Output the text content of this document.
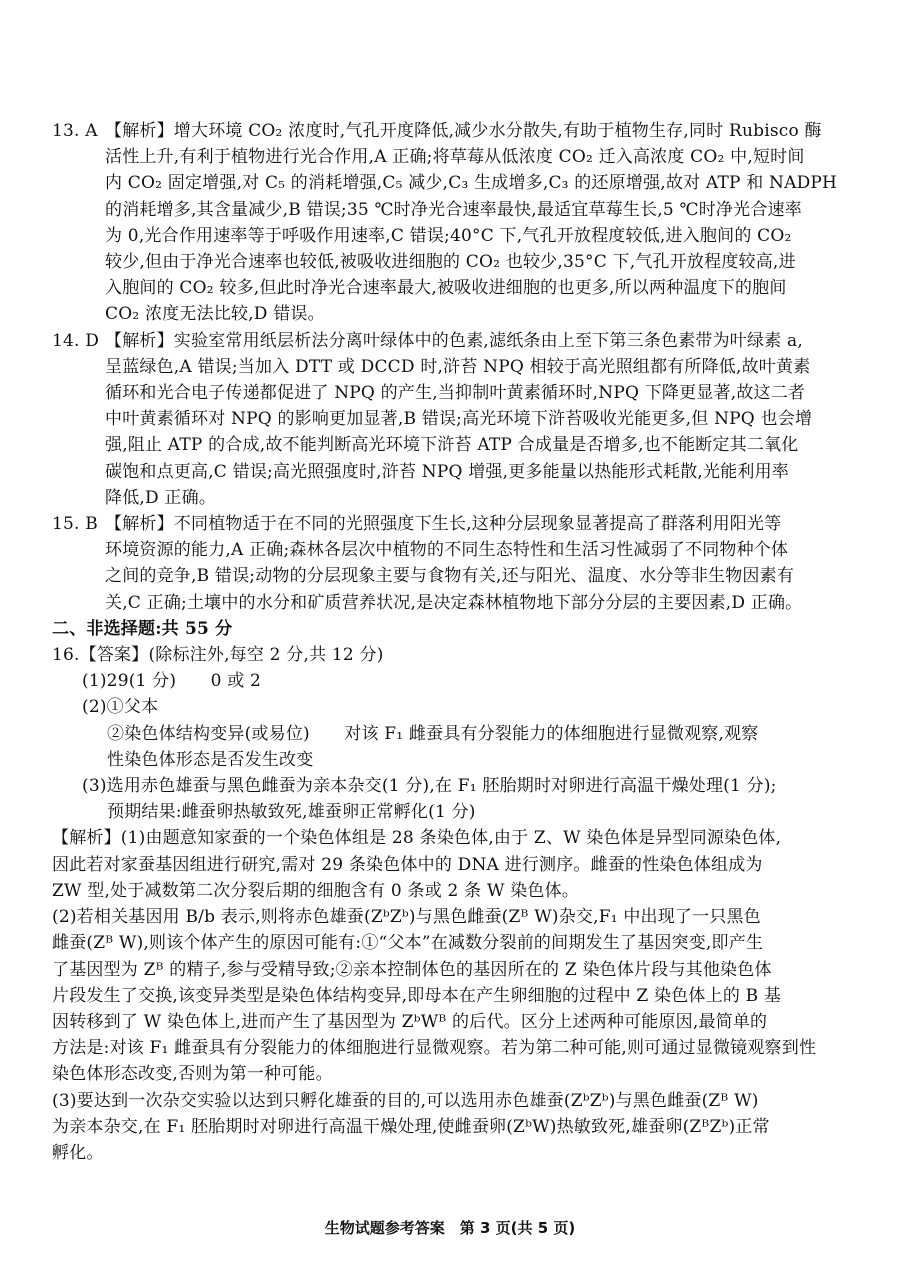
13. A 【解析】增大环境 CO₂ 浓度时,气孔开度降低,减少水分散失,有助于植物生存,同时 Rubisco 酶
活性上升,有利于植物进行光合作用,A 正确;将草莓从低浓度 CO₂ 迁入高浓度 CO₂ 中,短时间
内 CO₂ 固定增强,对 C₅ 的消耗增强,C₅ 减少,C₃ 生成增多,C₃ 的还原增强,故对 ATP 和 NADPH
的消耗增多,其含量减少,B 错误;35 ℃时净光合速率最快,最适宜草莓生长,5 ℃时净光合速率
为 0,光合作用速率等于呼吸作用速率,C 错误;40°C 下,气孔开放程度较低,进入胞间的 CO₂
较少,但由于净光合速率也较低,被吸收进细胞的 CO₂ 也较少,35°C 下,气孔开放程度较高,进
入胞间的 CO₂ 较多,但此时净光合速率最大,被吸收进细胞的也更多,所以两种温度下的胞间
CO₂ 浓度无法比较,D 错误。
14. D 【解析】实验室常用纸层析法分离叶绿体中的色素,滤纸条由上至下第三条色素带为叶绿素 a,
呈蓝绿色,A 错误;当加入 DTT 或 DCCD 时,浒苔 NPQ 相较于高光照组都有所降低,故叶黄素
循环和光合电子传递都促进了 NPQ 的产生,当抑制叶黄素循环时,NPQ 下降更显著,故这二者
中叶黄素循环对 NPQ 的影响更加显著,B 错误;高光环境下浒苔吸收光能更多,但 NPQ 也会增
强,阻止 ATP 的合成,故不能判断高光环境下浒苔 ATP 合成量是否增多,也不能断定其二氧化
碳饱和点更高,C 错误;高光照强度时,浒苔 NPQ 增强,更多能量以热能形式耗散,光能利用率
降低,D 正确。
15. B 【解析】不同植物适于在不同的光照强度下生长,这种分层现象显著提高了群落利用阳光等
环境资源的能力,A 正确;森林各层次中植物的不同生态特性和生活习性减弱了不同物种个体
之间的竞争,B 错误;动物的分层现象主要与食物有关,还与阳光、温度、水分等非生物因素有
关,C 正确;土壤中的水分和矿质营养状况,是决定森林植物地下部分分层的主要因素,D 正确。
二、非选择题:共 55 分
16.【答案】(除标注外,每空 2 分,共 12 分)
(1)29(1 分)　　0 或 2
(2)①父本
②染色体结构变异(或易位)　　对该 F₁ 雌蚕具有分裂能力的体细胞进行显微观察,观察
性染色体形态是否发生改变
(3)选用赤色雄蚕与黑色雌蚕为亲本杂交(1 分),在 F₁ 胚胎期时对卵进行高温干燥处理(1 分);
预期结果:雌蚕卵热敏致死,雄蚕卵正常孵化(1 分)
【解析】(1)由题意知家蚕的一个染色体组是 28 条染色体,由于 Z、W 染色体是异型同源染色体,
因此若对家蚕基因组进行研究,需对 29 条染色体中的 DNA 进行测序。雌蚕的性染色体组成为
ZW 型,处于减数第二次分裂后期的细胞含有 0 条或 2 条 W 染色体。
(2)若相关基因用 B/b 表示,则将赤色雄蚕(ZᵇZᵇ)与黑色雌蚕(Zᴮ W)杂交,F₁ 中出现了一只黑色
雌蚕(Zᴮ W),则该个体产生的原因可能有:①“父本”在减数分裂前的间期发生了基因突变,即产生
了基因型为 Zᴮ 的精子,参与受精导致;②亲本控制体色的基因所在的 Z 染色体片段与其他染色体
片段发生了交换,该变异类型是染色体结构变异,即母本在产生卵细胞的过程中 Z 染色体上的 B 基
因转移到了 W 染色体上,进而产生了基因型为 ZᵇWᴮ 的后代。区分上述两种可能原因,最简单的
方法是:对该 F₁ 雌蚕具有分裂能力的体细胞进行显微观察。若为第二种可能,则可通过显微镜观察到性
染色体形态改变,否则为第一种可能。
(3)要达到一次杂交实验以达到只孵化雄蚕的目的,可以选用赤色雄蚕(ZᵇZᵇ)与黑色雌蚕(Zᴮ W)
为亲本杂交,在 F₁ 胚胎期时对卵进行高温干燥处理,使雌蚕卵(ZᵇW)热敏致死,雄蚕卵(ZᴮZᵇ)正常
孵化。
生物试题参考答案　第 3 页(共 5 页)
